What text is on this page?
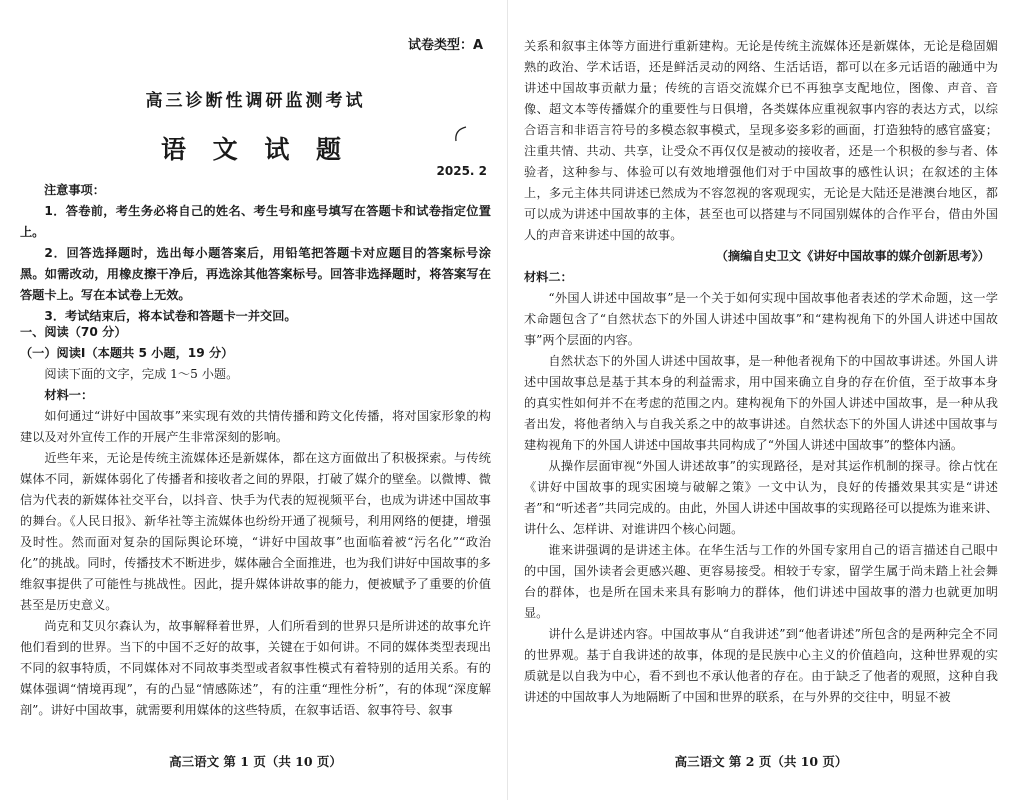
试卷类型：A
高三诊断性调研监测考试
语 文 试 题
2025. 2

注意事项：

1．答卷前，考生务必将自己的姓名、考生号和座号填写在答题卡和试卷指定位置上。

2．回答选择题时，选出每小题答案后，用铅笔把答题卡对应题目的答案标号涂黑。如需改动，用橡皮擦干净后，再选涂其他答案标号。回答非选择题时，将答案写在答题卡上。写在本试卷上无效。

3．考试结束后，将本试卷和答题卡一并交回。

一、阅读（70 分）

（一）阅读Ⅰ（本题共 5 小题，19 分）

阅读下面的文字，完成 1～5 小题。

材料一：

如何通过“讲好中国故事”来实现有效的共情传播和跨文化传播，将对国家形象的构建以及对外宣传工作的开展产生非常深刻的影响。

近些年来，无论是传统主流媒体还是新媒体，都在这方面做出了积极探索。与传统媒体不同，新媒体弱化了传播者和接收者之间的界限，打破了媒介的壁垒。以微博、微信为代表的新媒体社交平台，以抖音、快手为代表的短视频平台，也成为讲述中国故事的舞台。《人民日报》、新华社等主流媒体也纷纷开通了视频号，利用网络的便捷，增强及时性。然而面对复杂的国际舆论环境，“讲好中国故事”也面临着被“污名化”“政治化”的挑战。同时，传播技术不断进步，媒体融合全面推进，也为我们讲好中国故事的多维叙事提供了可能性与挑战性。因此，提升媒体讲故事的能力，便被赋予了重要的价值甚至是历史意义。

尚克和艾贝尔森认为，故事解释着世界，人们所看到的世界只是所讲述的故事允许他们看到的世界。当下的中国不乏好的故事，关键在于如何讲。不同的媒体类型表现出不同的叙事特质，不同媒体对不同故事类型或者叙事性模式有着特别的适用关系。有的媒体强调“情境再现”，有的凸显“情感陈述”，有的注重“理性分析”，有的体现“深度解剖”。讲好中国故事，就需要利用媒体的这些特质，在叙事话语、叙事符号、叙事

高三语文 第 1 页（共 10 页）

关系和叙事主体等方面进行重新建构。无论是传统主流媒体还是新媒体，无论是稳固媚熟的政治、学术话语，还是鲜活灵动的网络、生活话语，都可以在多元话语的融通中为讲述中国故事贡献力量；传统的言语交流媒介已不再独享支配地位，图像、声音、音像、超文本等传播媒介的重要性与日俱增，各类媒体应重视叙事内容的表达方式，以综合语言和非语言符号的多模态叙事模式，呈现多姿多彩的画面，打造独特的感官盛宴；注重共情、共动、共享，让受众不再仅仅是被动的接收者，还是一个积极的参与者、体验者，这种参与、体验可以有效地增强他们对于中国故事的感性认识；在叙述的主体上，多元主体共同讲述已然成为不容忽视的客观现实，无论是大陆还是港澳台地区，都可以成为讲述中国故事的主体，甚至也可以搭建与不同国别媒体的合作平台，借由外国人的声音来讲述中国的故事。

（摘编自史卫文《讲好中国故事的媒介创新思考》）

材料二：

“外国人讲述中国故事”是一个关于如何实现中国故事他者表述的学术命题，这一学术命题包含了“自然状态下的外国人讲述中国故事”和“建构视角下的外国人讲述中国故事”两个层面的内容。

自然状态下的外国人讲述中国故事，是一种他者视角下的中国故事讲述。外国人讲述中国故事总是基于其本身的利益需求，用中国来确立自身的存在价值，至于故事本身的真实性如何并不在考虑的范围之内。建构视角下的外国人讲述中国故事，是一种从我者出发，将他者纳入与自我关系之中的故事讲述。自然状态下的外国人讲述中国故事与建构视角下的外国人讲述中国故事共同构成了“外国人讲述中国故事”的整体内涵。

从操作层面审视“外国人讲述故事”的实现路径，是对其运作机制的探寻。徐占忱在《讲好中国故事的现实困境与破解之策》一文中认为，良好的传播效果其实是“讲述者”和“听述者”共同完成的。由此，外国人讲述中国故事的实现路径可以提炼为谁来讲、讲什么、怎样讲、对谁讲四个核心问题。

谁来讲强调的是讲述主体。在华生活与工作的外国专家用自己的语言描述自己眼中的中国，国外读者会更感兴趣、更容易接受。相较于专家，留学生属于尚未踏上社会舞台的群体，也是所在国未来具有影响力的群体，他们讲述中国故事的潜力也就更加明显。

讲什么是讲述内容。中国故事从“自我讲述”到“他者讲述”所包含的是两种完全不同的世界观。基于自我讲述的故事，体现的是民族中心主义的价值趋向，这种世界观的实质就是以自我为中心，看不到也不承认他者的存在。由于缺乏了他者的观照，这种自我讲述的中国故事人为地隔断了中国和世界的联系，在与外界的交往中，明显不被

高三语文 第 2 页（共 10 页）
